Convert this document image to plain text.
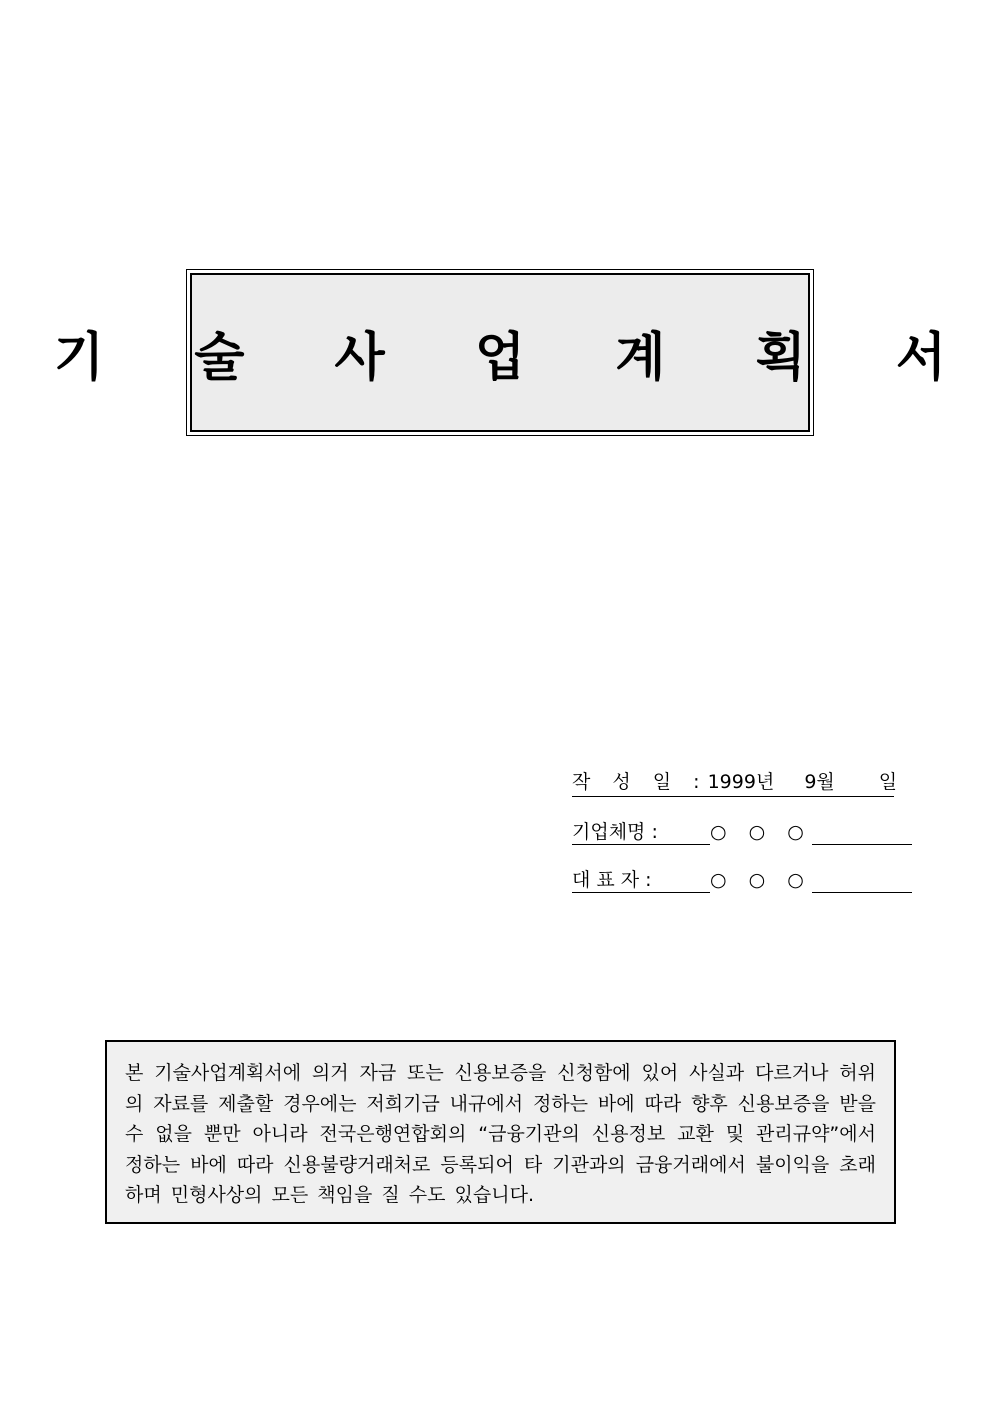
기 술 사 업 계 획 서
작 성 일 :1999년 9월 일
기업체명 :	○ ○ ○
대 표 자 :	○ ○ ○

본 기술사업계획서에 의거 자금 또는 신용보증을 신청함에 있어 사실과 다르거나 허위의 자료를 제출할 경우에는 저희기금 내규에서 정하는 바에 따라 향후 신용보증을 받을 수 없을 뿐만 아니라 전국은행연합회의 “금융기관의 신용정보 교환 및 관리규약”에서 정하는 바에 따라 신용불량거래처로 등록되어 타 기관과의 금융거래에서 불이익을 초래하며 민형사상의 모든 책임을 질 수도 있습니다.
